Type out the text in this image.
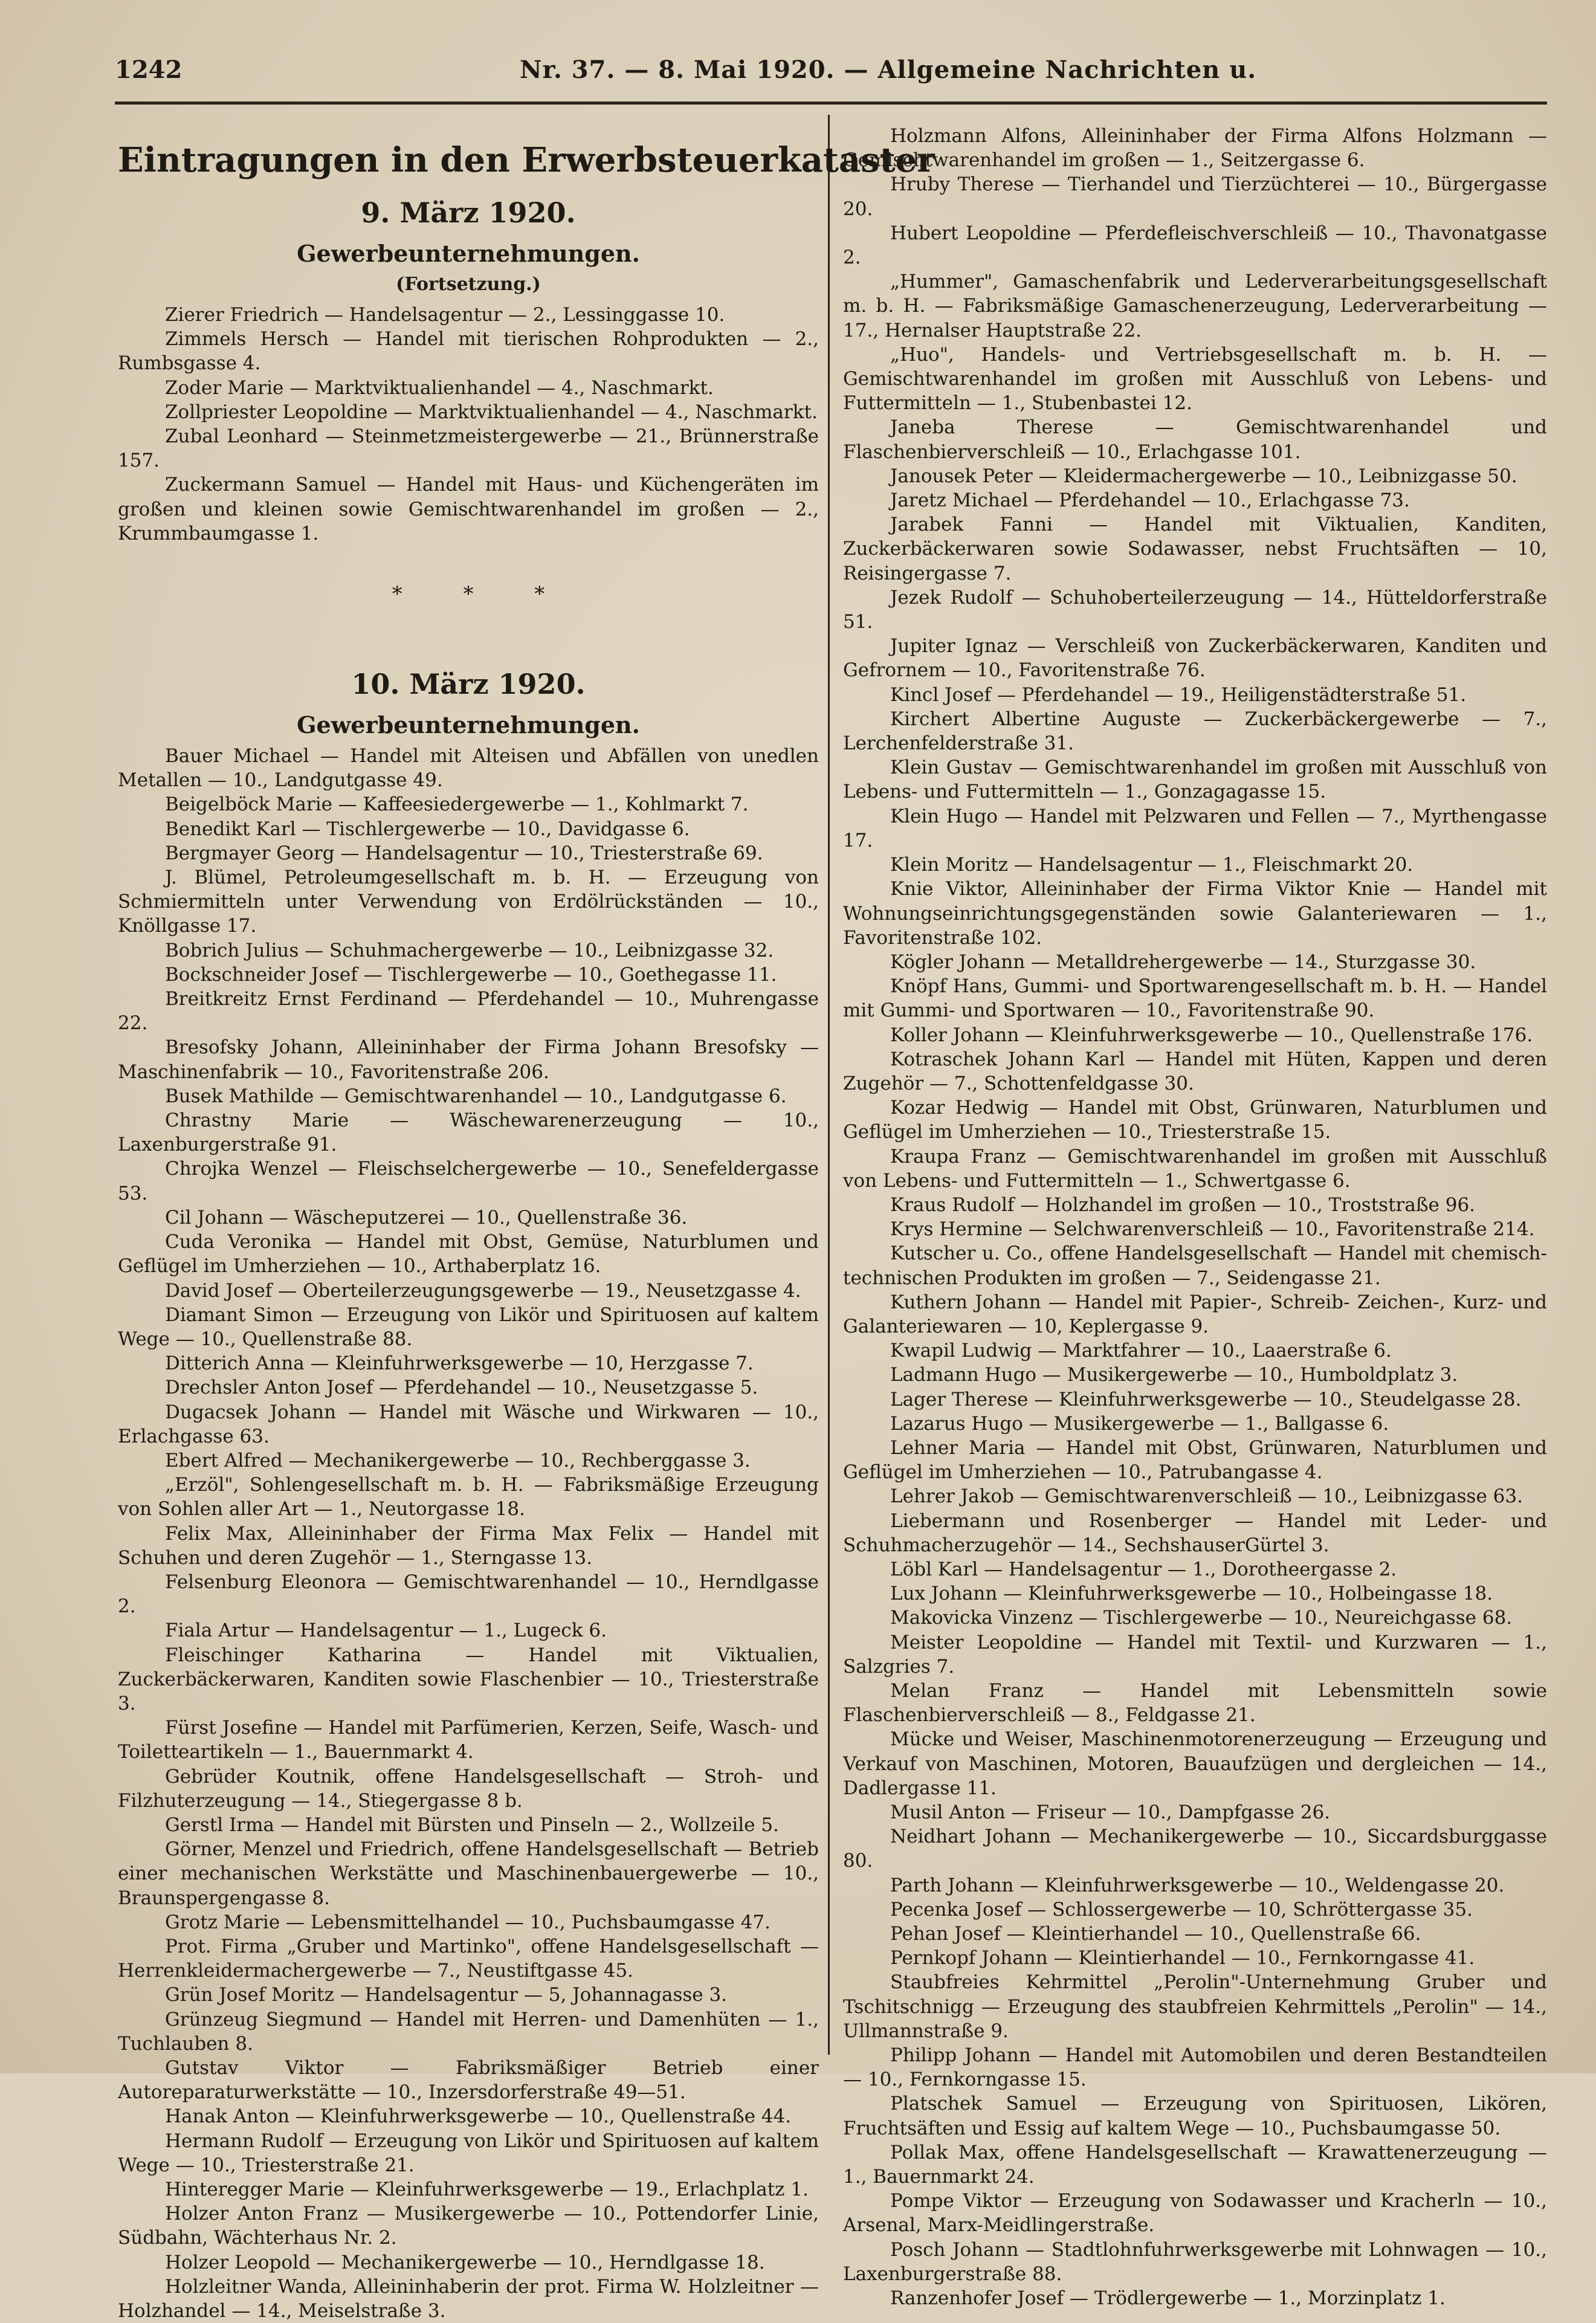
1242	Nr. 37. — 8. Mai 1920. — Allgemeine Nachrichten u.
Eintragungen in den Erwerbsteuerkataster
9. März 1920.
Gewerbeunternehmungen.
(Fortsetzung.)

Zierer Friedrich — Handelsagentur — 2., Lessinggasse 10.

Zimmels Hersch — Handel mit tierischen Rohprodukten — 2., Rumbsgasse 4.

Zoder Marie — Marktviktualienhandel — 4., Naschmarkt.

Zollpriester Leopoldine — Marktviktualienhandel — 4., Naschmarkt.

Zubal Leonhard — Steinmetzmeistergewerbe — 21., Brünnerstraße 157.

Zuckermann Samuel — Handel mit Haus- und Küchengeräten im großen und kleinen sowie Gemischtwarenhandel im großen — 2., Krummbaumgasse 1.

* * *
10. März 1920.
Gewerbeunternehmungen.

Bauer Michael — Handel mit Alteisen und Abfällen von unedlen Metallen — 10., Landgutgasse 49.

Beigelböck Marie — Kaffeesiedergewerbe — 1., Kohlmarkt 7.

Benedikt Karl — Tischlergewerbe — 10., Davidgasse 6.

Bergmayer Georg — Handelsagentur — 10., Triesterstraße 69.

J. Blümel, Petroleumgesellschaft m. b. H. — Erzeugung von Schmiermitteln unter Verwendung von Erdölrückständen — 10., Knöllgasse 17.

Bobrich Julius — Schuhmachergewerbe — 10., Leibnizgasse 32.

Bockschneider Josef — Tischlergewerbe — 10., Goethegasse 11.

Breitkreitz Ernst Ferdinand — Pferdehandel — 10., Muhrengasse 22.

Bresofsky Johann, Alleininhaber der Firma Johann Bresofsky — Maschinenfabrik — 10., Favoritenstraße 206.

Busek Mathilde — Gemischtwarenhandel — 10., Landgutgasse 6.

Chrastny Marie — Wäschewarenerzeugung — 10., Laxenburgerstraße 91.

Chrojka Wenzel — Fleischselchergewerbe — 10., Senefeldergasse 53.

Cil Johann — Wäscheputzerei — 10., Quellenstraße 36.

Cuda Veronika — Handel mit Obst, Gemüse, Naturblumen und Geflügel im Umherziehen — 10., Arthaberplatz 16.

David Josef — Oberteilerzeugungsgewerbe — 19., Neusetzgasse 4.

Diamant Simon — Erzeugung von Likör und Spirituosen auf kaltem Wege — 10., Quellenstraße 88.

Ditterich Anna — Kleinfuhrwerksgewerbe — 10, Herzgasse 7.

Drechsler Anton Josef — Pferdehandel — 10., Neusetzgasse 5.

Dugacsek Johann — Handel mit Wäsche und Wirkwaren — 10., Erlachgasse 63.

Ebert Alfred — Mechanikergewerbe — 10., Rechberggasse 3.

„Erzöl", Sohlengesellschaft m. b. H. — Fabriksmäßige Erzeugung von Sohlen aller Art — 1., Neutorgasse 18.

Felix Max, Alleininhaber der Firma Max Felix — Handel mit Schuhen und deren Zugehör — 1., Sterngasse 13.

Felsenburg Eleonora — Gemischtwarenhandel — 10., Herndlgasse 2.

Fiala Artur — Handelsagentur — 1., Lugeck 6.

Fleischinger Katharina — Handel mit Viktualien, Zuckerbäckerwaren, Kanditen sowie Flaschenbier — 10., Triesterstraße 3.

Fürst Josefine — Handel mit Parfümerien, Kerzen, Seife, Wasch- und Toiletteartikeln — 1., Bauernmarkt 4.

Gebrüder Koutnik, offene Handelsgesellschaft — Stroh- und Filzhuterzeugung — 14., Stiegergasse 8 b.

Gerstl Irma — Handel mit Bürsten und Pinseln — 2., Wollzeile 5.

Görner, Menzel und Friedrich, offene Handelsgesellschaft — Betrieb einer mechanischen Werkstätte und Maschinenbauergewerbe — 10., Braunspergengasse 8.

Grotz Marie — Lebensmittelhandel — 10., Puchsbaumgasse 47.

Prot. Firma „Gruber und Martinko", offene Handelsgesellschaft — Herrenkleidermachergewerbe — 7., Neustiftgasse 45.

Grün Josef Moritz — Handelsagentur — 5, Johannagasse 3.

Grünzeug Siegmund — Handel mit Herren- und Damenhüten — 1., Tuchlauben 8.

Gutstav Viktor — Fabriksmäßiger Betrieb einer Autoreparaturwerkstätte — 10., Inzersdorferstraße 49—51.

Hanak Anton — Kleinfuhrwerksgewerbe — 10., Quellenstraße 44.

Hermann Rudolf — Erzeugung von Likör und Spirituosen auf kaltem Wege — 10., Triesterstraße 21.

Hinteregger Marie — Kleinfuhrwerksgewerbe — 19., Erlachplatz 1.

Holzer Anton Franz — Musikergewerbe — 10., Pottendorfer Linie, Südbahn, Wächterhaus Nr. 2.

Holzer Leopold — Mechanikergewerbe — 10., Herndlgasse 18.

Holzleitner Wanda, Alleininhaberin der prot. Firma W. Holzleitner — Holzhandel — 14., Meiselstraße 3.

Holzmann Alfons, Alleininhaber der Firma Alfons Holzmann — Gemischtwarenhandel im großen — 1., Seitzergasse 6.

Hruby Therese — Tierhandel und Tierzüchterei — 10., Bürgergasse 20.

Hubert Leopoldine — Pferdefleischverschleiß — 10., Thavonatgasse 2.

„Hummer", Gamaschenfabrik und Lederverarbeitungsgesellschaft m. b. H. — Fabriksmäßige Gamaschenerzeugung, Lederverarbeitung — 17., Hernalser Hauptstraße 22.

„Huo", Handels- und Vertriebsgesellschaft m. b. H. — Gemischtwarenhandel im großen mit Ausschluß von Lebens- und Futtermitteln — 1., Stubenbastei 12.

Janeba Therese — Gemischtwarenhandel und Flaschenbierverschleiß — 10., Erlachgasse 101.

Janousek Peter — Kleidermachergewerbe — 10., Leibnizgasse 50.

Jaretz Michael — Pferdehandel — 10., Erlachgasse 73.

Jarabek Fanni — Handel mit Viktualien, Kanditen, Zuckerbäckerwaren sowie Sodawasser, nebst Fruchtsäften — 10, Reisingergasse 7.

Jezek Rudolf — Schuhoberteilerzeugung — 14., Hütteldorferstraße 51.

Jupiter Ignaz — Verschleiß von Zuckerbäckerwaren, Kanditen und Gefrornem — 10., Favoritenstraße 76.

Kincl Josef — Pferdehandel — 19., Heiligenstädterstraße 51.

Kirchert Albertine Auguste — Zuckerbäckergewerbe — 7., Lerchenfelderstraße 31.

Klein Gustav — Gemischtwarenhandel im großen mit Ausschluß von Lebens- und Futtermitteln — 1., Gonzagagasse 15.

Klein Hugo — Handel mit Pelzwaren und Fellen — 7., Myrthengasse 17.

Klein Moritz — Handelsagentur — 1., Fleischmarkt 20.

Knie Viktor, Alleininhaber der Firma Viktor Knie — Handel mit Wohnungseinrichtungsgegenständen sowie Galanteriewaren — 1., Favoritenstraße 102.

Kögler Johann — Metalldrehergewerbe — 14., Sturzgasse 30.

Knöpf Hans, Gummi- und Sportwarengesellschaft m. b. H. — Handel mit Gummi- und Sportwaren — 10., Favoritenstraße 90.

Koller Johann — Kleinfuhrwerksgewerbe — 10., Quellenstraße 176.

Kotraschek Johann Karl — Handel mit Hüten, Kappen und deren Zugehör — 7., Schottenfeldgasse 30.

Kozar Hedwig — Handel mit Obst, Grünwaren, Naturblumen und Geflügel im Umherziehen — 10., Triesterstraße 15.

Kraupa Franz — Gemischtwarenhandel im großen mit Ausschluß von Lebens- und Futtermitteln — 1., Schwertgasse 6.

Kraus Rudolf — Holzhandel im großen — 10., Troststraße 96.

Krys Hermine — Selchwarenverschleiß — 10., Favoritenstraße 214.

Kutscher u. Co., offene Handelsgesellschaft — Handel mit chemisch-technischen Produkten im großen — 7., Seidengasse 21.

Kuthern Johann — Handel mit Papier-, Schreib- Zeichen-, Kurz- und Galanteriewaren — 10, Keplergasse 9.

Kwapil Ludwig — Marktfahrer — 10., Laaerstraße 6.

Ladmann Hugo — Musikergewerbe — 10., Humboldplatz 3.

Lager Therese — Kleinfuhrwerksgewerbe — 10., Steudelgasse 28.

Lazarus Hugo — Musikergewerbe — 1., Ballgasse 6.

Lehner Maria — Handel mit Obst, Grünwaren, Naturblumen und Geflügel im Umherziehen — 10., Patrubangasse 4.

Lehrer Jakob — Gemischtwarenverschleiß — 10., Leibnizgasse 63.

Liebermann und Rosenberger — Handel mit Leder- und Schuhmacherzugehör — 14., SechshauserGürtel 3.

Löbl Karl — Handelsagentur — 1., Dorotheergasse 2.

Lux Johann — Kleinfuhrwerksgewerbe — 10., Holbeingasse 18.

Makovicka Vinzenz — Tischlergewerbe — 10., Neureichgasse 68.

Meister Leopoldine — Handel mit Textil- und Kurzwaren — 1., Salzgries 7.

Melan Franz — Handel mit Lebensmitteln sowie Flaschenbierverschleiß — 8., Feldgasse 21.

Mücke und Weiser, Maschinenmotorenerzeugung — Erzeugung und Verkauf von Maschinen, Motoren, Bauaufzügen und dergleichen — 14., Dadlergasse 11.

Musil Anton — Friseur — 10., Dampfgasse 26.

Neidhart Johann — Mechanikergewerbe — 10., Siccardsburggasse 80.

Parth Johann — Kleinfuhrwerksgewerbe — 10., Weldengasse 20.

Pecenka Josef — Schlossergewerbe — 10, Schröttergasse 35.

Pehan Josef — Kleintierhandel — 10., Quellenstraße 66.

Pernkopf Johann — Kleintierhandel — 10., Fernkorngasse 41.

Staubfreies Kehrmittel „Perolin"-Unternehmung Gruber und Tschitschnigg — Erzeugung des staubfreien Kehrmittels „Perolin" — 14., Ullmannstraße 9.

Philipp Johann — Handel mit Automobilen und deren Bestandteilen — 10., Fernkorngasse 15.

Platschek Samuel — Erzeugung von Spirituosen, Likören, Fruchtsäften und Essig auf kaltem Wege — 10., Puchsbaumgasse 50.

Pollak Max, offene Handelsgesellschaft — Krawattenerzeugung — 1., Bauernmarkt 24.

Pompe Viktor — Erzeugung von Sodawasser und Kracherln — 10., Arsenal, Marx-Meidlingerstraße.

Posch Johann — Stadtlohnfuhrwerksgewerbe mit Lohnwagen — 10., Laxenburgerstraße 88.

Ranzenhofer Josef — Trödlergewerbe — 1., Morzinplatz 1.
